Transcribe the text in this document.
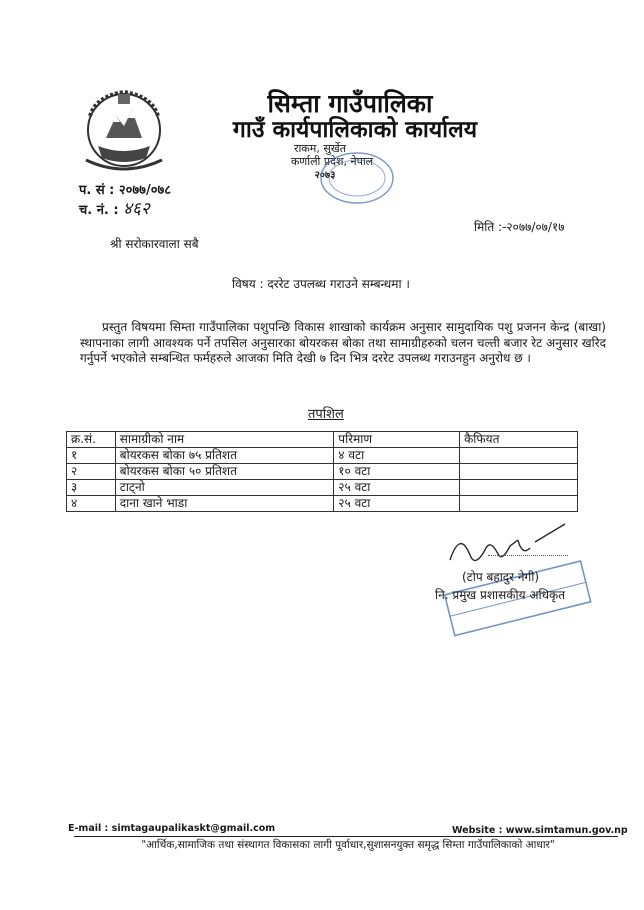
सिम्ता गाउँपालिका
गाउँ कार्यपालिकाको कार्यालय
राकम, सुर्खेत
कर्णाली प्रदेश, नेपाल
२०७३
प. सं : २०७७/०७८
च. नं. : ४६२
मिति :-२०७७/०७/१७
श्री सरोकारवाला सबै
विषय : दररेट उपलब्ध गराउने सम्बन्धमा ।
प्रस्तुत विषयमा सिम्ता गाउँपालिका पशुपन्छि विकास शाखाको कार्यक्रम अनुसार सामुदायिक पशु प्रजनन केन्द्र (बाखा) स्थापनाका लागी आवश्यक पर्ने तपसिल अनुसारका बोयरकस बोका तथा सामाग्रीहरुको चलन चल्ती बजार रेट अनुसार खरिद गर्नुपर्ने भएकोले सम्बन्धित फर्महरुले आजका मिति देखी ७ दिन भित्र दररेट उपलब्ध गराउनहुन अनुरोध छ ।
तपशिल
क्र.सं.	सामाग्रीको नाम	परिमाण	कैफियत
१	बोयरकस बोका ७५ प्रतिशत	४ वटा	
२	बोयरकस बोका ५० प्रतिशत	१० वटा	
३	टाट्नो	२५ वटा	
४	दाना खाने भाडा	२५ वटा	
(टोप बहादुर नेगी)
नि. प्रमुख प्रशासकीय अधिकृत
E-mail : simtagaupalikaskt@gmail.com	Website : www.simtamun.gov.np
"आर्थिक,सामाजिक तथा संस्थागत विकासका लागी पूर्वाधार,सुशासनयुक्त समृद्ध सिम्ता गाउँपालिकाको आधार"
